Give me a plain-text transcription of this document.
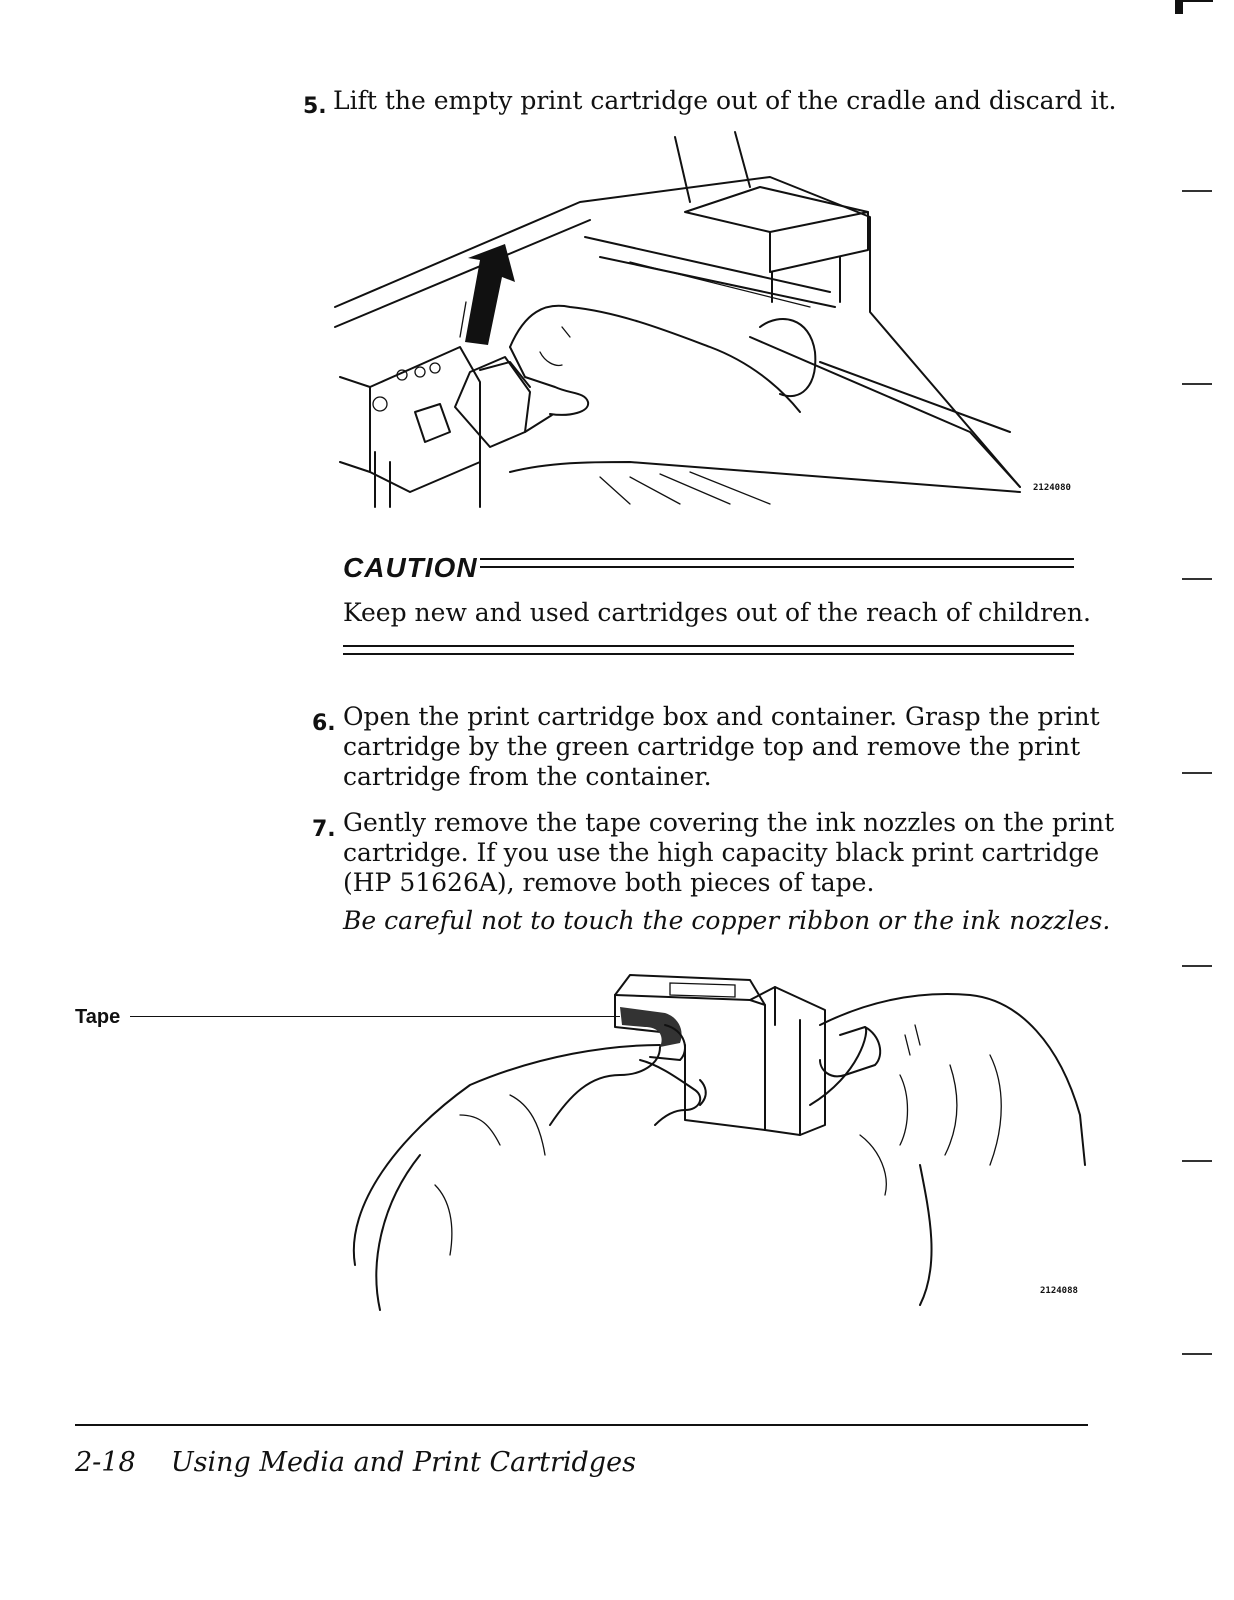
5. Lift the empty print cartridge out of the cradle and discard it.
2124080
CAUTION
Keep new and used cartridges out of the reach of children.
6. Open the print cartridge box and container. Grasp the print
cartridge by the green cartridge top and remove the print
cartridge from the container.
7. Gently remove the tape covering the ink nozzles on the print
cartridge. If you use the high capacity black print cartridge
(HP 51626A), remove both pieces of tape.
Be careful not to touch the copper ribbon or the ink nozzles.
Tape
2124088
2-18 Using Media and Print Cartridges
